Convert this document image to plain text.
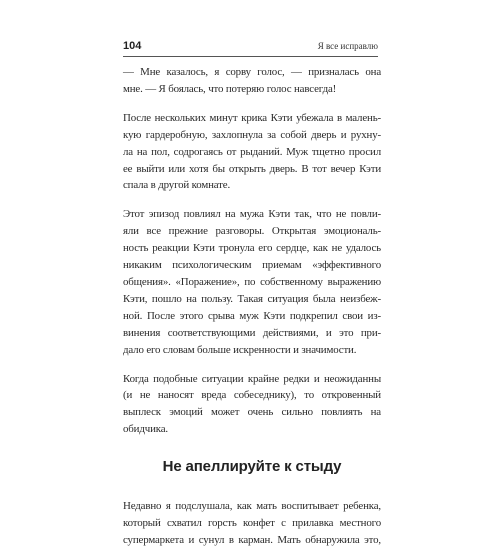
104	Я все исправлю

— Мне казалось, я сорву голос, — призналась она
мне. — Я боялась, что потеряю голос навсегда!

После нескольких минут крика Кэти убежала в малень-
кую гардеробную, захлопнула за собой дверь и рухну-
ла на пол, содрогаясь от рыданий. Муж тщетно просил
ее выйти или хотя бы открыть дверь. В тот вечер Кэти
спала в другой комнате.

Этот эпизод повлиял на мужа Кэти так, что не повли-
яли все прежние разговоры. Открытая эмоциональ-
ность реакции Кэти тронула его сердце, как не удалось
никаким психологическим приемам «эффективного
общения». «Поражение», по собственному выражению
Кэти, пошло на пользу. Такая ситуация была неизбеж-
ной. После этого срыва муж Кэти подкрепил свои из-
винения соответствующими действиями, и это при-
дало его словам больше искренности и значимости.

Когда подобные ситуации крайне редки и неожиданны
(и не наносят вреда собеседнику), то откровенный
выплеск эмоций может очень сильно повлиять на
обидчика.

Не апеллируйте к стыду

Недавно я подслушала, как мать воспитывает ребенка,
который схватил горсть конфет с прилавка местного
супермаркета и сунул в карман. Мать обнаружила это,
